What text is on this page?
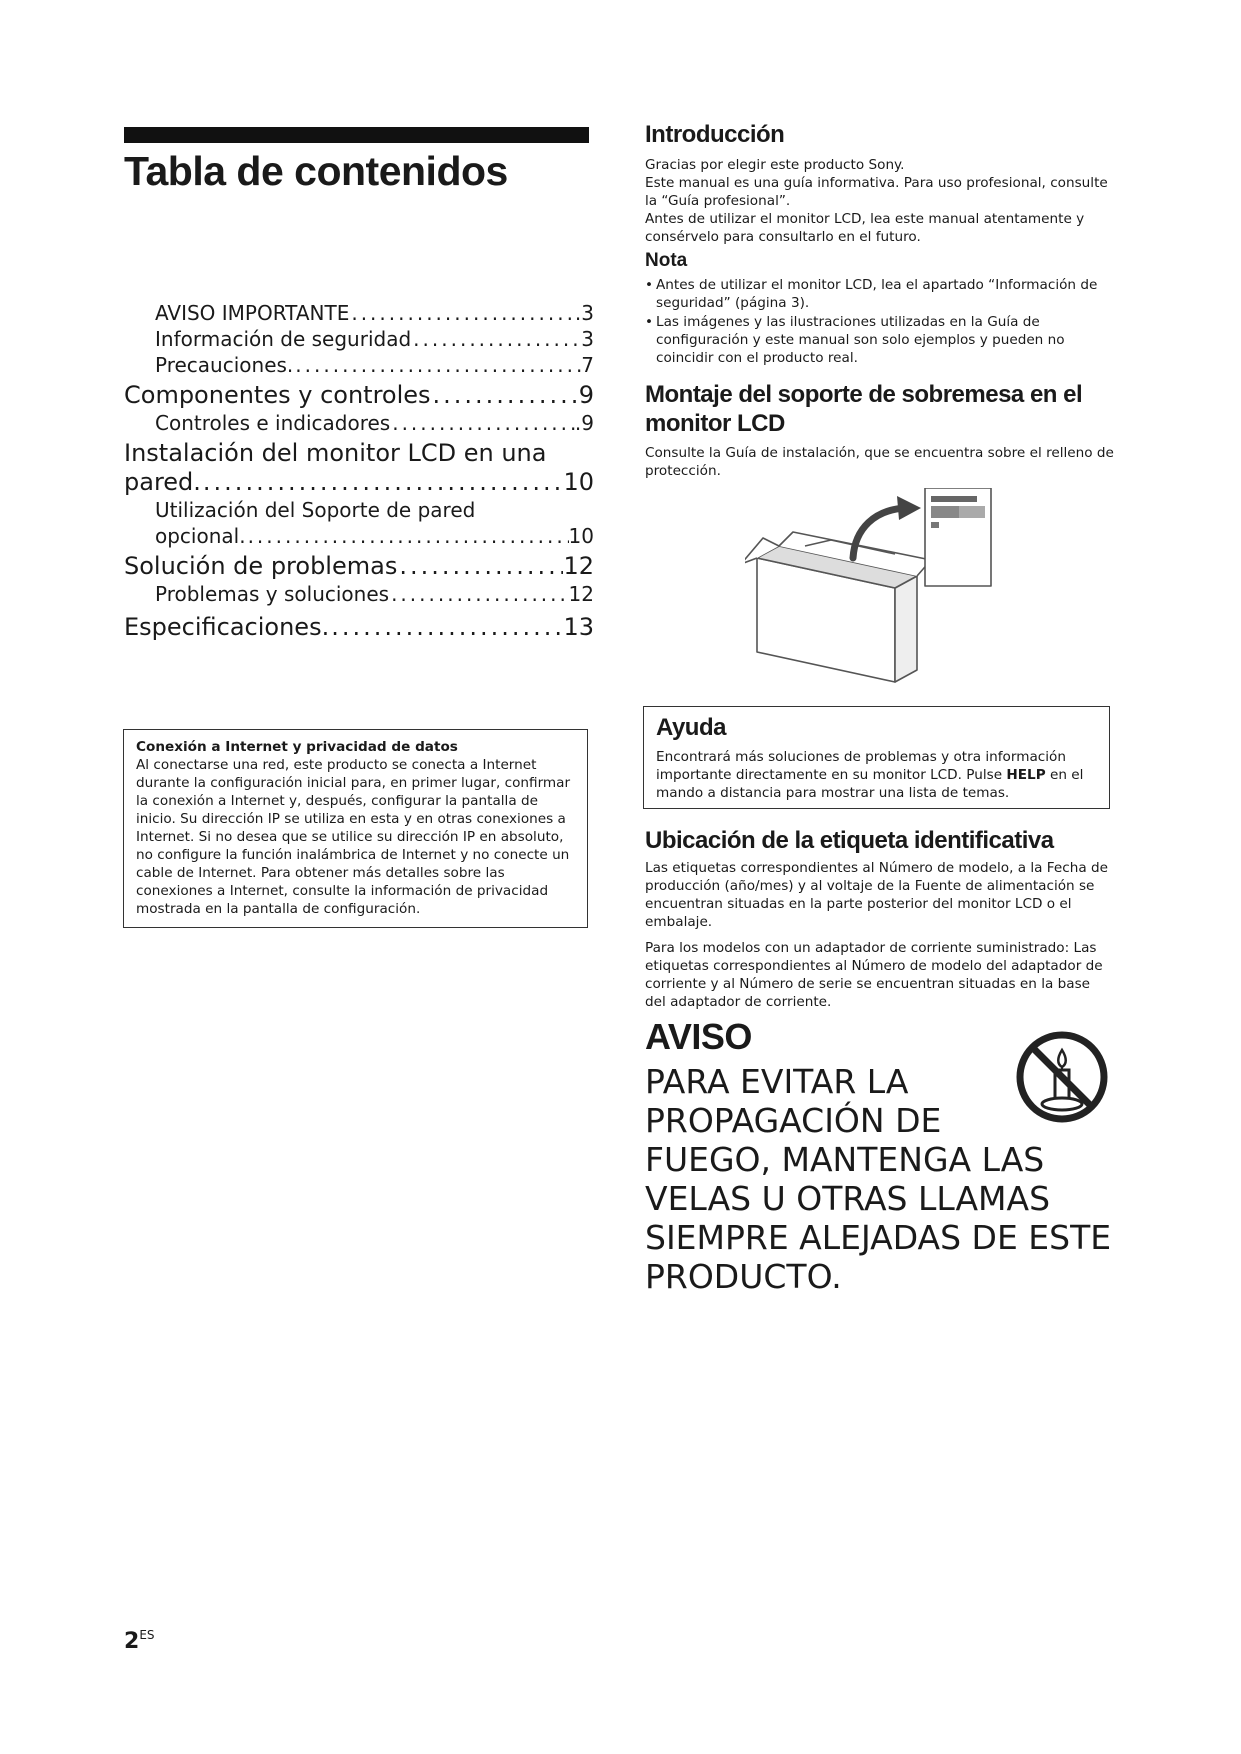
Tabla de contenidos
AVISO IMPORTANTE .....	.3
Información de seguridad .....	3
Precauciones. .....	7
Componentes y controles .....	9
Controles e indicadores .....	.9
Instalación del monitor LCD en una
pared. .....	10
Utilización del Soporte de pared
opcional. .....	10
Solución de problemas .....	12
Problemas y soluciones .....	12
Especificaciones. .....	13
Conexión a Internet y privacidad de datos
Al conectarse una red, este producto se conecta a Internet durante la configuración inicial para, en primer lugar, confirmar la conexión a Internet y, después, configurar la pantalla de inicio. Su dirección IP se utiliza en esta y en otras conexiones a Internet. Si no desea que se utilice su dirección IP en absoluto, no configure la función inalámbrica de Internet y no conecte un cable de Internet. Para obtener más detalles sobre las conexiones a Internet, consulte la información de privacidad mostrada en la pantalla de configuración.
$2^{ES}$
Introducción

Gracias por elegir este producto Sony.

Este manual es una guía informativa. Para uso profesional, consulte la “Guía profesional”.

Antes de utilizar el monitor LCD, lea este manual atentamente y consérvelo para consultarlo en el futuro.

Nota
• Antes de utilizar el monitor LCD, lea el apartado “Información de seguridad” (página 3).
• Las imágenes y las ilustraciones utilizadas en la Guía de configuración y este manual son solo ejemplos y pueden no coincidir con el producto real.
Montaje del soporte de sobremesa en el monitor LCD

Consulte la Guía de instalación, que se encuentra sobre el relleno de protección.

Ayuda

Encontrará más soluciones de problemas y otra información importante directamente en su monitor LCD. Pulse HELP en el mando a distancia para mostrar una lista de temas.

Ubicación de la etiqueta identificativa

Las etiquetas correspondientes al Número de modelo, a la Fecha de producción (año/mes) y al voltaje de la Fuente de alimentación se encuentran situadas en la parte posterior del monitor LCD o el embalaje.

Para los modelos con un adaptador de corriente suministrado: Las etiquetas correspondientes al Número de modelo del adaptador de corriente y al Número de serie se encuentran situadas en la base del adaptador de corriente.

AVISO
PARA EVITAR LA
PROPAGACIÓN DE
FUEGO, MANTENGA LAS
VELAS U OTRAS LLAMAS
SIEMPRE ALEJADAS DE ESTE
PRODUCTO.
